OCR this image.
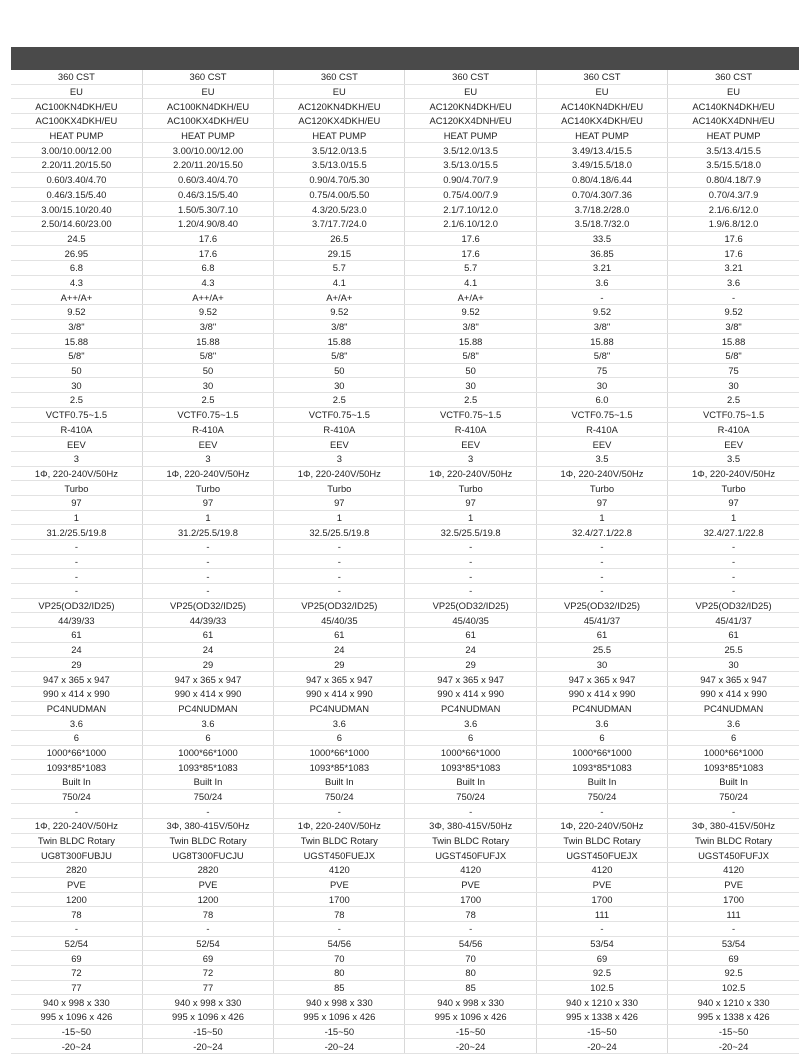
360 CST	360 CST	360 CST	360 CST	360 CST	360 CST
EU	EU	EU	EU	EU	EU
AC100KN4DKH/EU	AC100KN4DKH/EU	AC120KN4DKH/EU	AC120KN4DKH/EU	AC140KN4DKH/EU	AC140KN4DKH/EU
AC100KX4DKH/EU	AC100KX4DKH/EU	AC120KX4DKH/EU	AC120KX4DNH/EU	AC140KX4DKH/EU	AC140KX4DNH/EU
HEAT PUMP	HEAT PUMP	HEAT PUMP	HEAT PUMP	HEAT PUMP	HEAT PUMP
3.00/10.00/12.00	3.00/10.00/12.00	3.5/12.0/13.5	3.5/12.0/13.5	3.49/13.4/15.5	3.5/13.4/15.5
2.20/11.20/15.50	2.20/11.20/15.50	3.5/13.0/15.5	3.5/13.0/15.5	3.49/15.5/18.0	3.5/15.5/18.0
0.60/3.40/4.70	0.60/3.40/4.70	0.90/4.70/5.30	0.90/4.70/7.9	0.80/4.18/6.44	0.80/4.18/7.9
0.46/3.15/5.40	0.46/3.15/5.40	0.75/4.00/5.50	0.75/4.00/7.9	0.70/4.30/7.36	0.70/4.3/7.9
3.00/15.10/20.40	1.50/5.30/7.10	4.3/20.5/23.0	2.1/7.10/12.0	3.7/18.2/28.0	2.1/6.6/12.0
2.50/14.60/23.00	1.20/4.90/8.40	3.7/17.7/24.0	2.1/6.10/12.0	3.5/18.7/32.0	1.9/6.8/12.0
24.5	17.6	26.5	17.6	33.5	17.6
26.95	17.6	29.15	17.6	36.85	17.6
6.8	6.8	5.7	5.7	3.21	3.21
4.3	4.3	4.1	4.1	3.6	3.6
A++/A+	A++/A+	A+/A+	A+/A+	-	-
9.52	9.52	9.52	9.52	9.52	9.52
3/8"	3/8"	3/8"	3/8"	3/8"	3/8"
15.88	15.88	15.88	15.88	15.88	15.88
5/8"	5/8"	5/8"	5/8"	5/8"	5/8"
50	50	50	50	75	75
30	30	30	30	30	30
2.5	2.5	2.5	2.5	6.0	2.5
VCTF0.75~1.5	VCTF0.75~1.5	VCTF0.75~1.5	VCTF0.75~1.5	VCTF0.75~1.5	VCTF0.75~1.5
R-410A	R-410A	R-410A	R-410A	R-410A	R-410A
EEV	EEV	EEV	EEV	EEV	EEV
3	3	3	3	3.5	3.5
1Φ, 220-240V/50Hz	1Φ, 220-240V/50Hz	1Φ, 220-240V/50Hz	1Φ, 220-240V/50Hz	1Φ, 220-240V/50Hz	1Φ, 220-240V/50Hz
Turbo	Turbo	Turbo	Turbo	Turbo	Turbo
97	97	97	97	97	97
1	1	1	1	1	1
31.2/25.5/19.8	31.2/25.5/19.8	32.5/25.5/19.8	32.5/25.5/19.8	32.4/27.1/22.8	32.4/27.1/22.8
-	-	-	-	-	-
-	-	-	-	-	-
-	-	-	-	-	-
-	-	-	-	-	-
VP25(OD32/ID25)	VP25(OD32/ID25)	VP25(OD32/ID25)	VP25(OD32/ID25)	VP25(OD32/ID25)	VP25(OD32/ID25)
44/39/33	44/39/33	45/40/35	45/40/35	45/41/37	45/41/37
61	61	61	61	61	61
24	24	24	24	25.5	25.5
29	29	29	29	30	30
947 x 365 x 947	947 x 365 x 947	947 x 365 x 947	947 x 365 x 947	947 x 365 x 947	947 x 365 x 947
990 x 414 x 990	990 x 414 x 990	990 x 414 x 990	990 x 414 x 990	990 x 414 x 990	990 x 414 x 990
PC4NUDMAN	PC4NUDMAN	PC4NUDMAN	PC4NUDMAN	PC4NUDMAN	PC4NUDMAN
3.6	3.6	3.6	3.6	3.6	3.6
6	6	6	6	6	6
1000*66*1000	1000*66*1000	1000*66*1000	1000*66*1000	1000*66*1000	1000*66*1000
1093*85*1083	1093*85*1083	1093*85*1083	1093*85*1083	1093*85*1083	1093*85*1083
Built In	Built In	Built In	Built In	Built In	Built In
750/24	750/24	750/24	750/24	750/24	750/24
-	-	-	-	-	-
1Φ, 220-240V/50Hz	3Φ, 380-415V/50Hz	1Φ, 220-240V/50Hz	3Φ, 380-415V/50Hz	1Φ, 220-240V/50Hz	3Φ, 380-415V/50Hz
Twin BLDC Rotary	Twin BLDC Rotary	Twin BLDC Rotary	Twin BLDC Rotary	Twin BLDC Rotary	Twin BLDC Rotary
UG8T300FUBJU	UG8T300FUCJU	UGST450FUEJX	UGST450FUFJX	UGST450FUEJX	UGST450FUFJX
2820	2820	4120	4120	4120	4120
PVE	PVE	PVE	PVE	PVE	PVE
1200	1200	1700	1700	1700	1700
78	78	78	78	111	111
-	-	-	-	-	-
52/54	52/54	54/56	54/56	53/54	53/54
69	69	70	70	69	69
72	72	80	80	92.5	92.5
77	77	85	85	102.5	102.5
940 x 998 x 330	940 x 998 x 330	940 x 998 x 330	940 x 998 x 330	940 x 1210 x 330	940 x 1210 x 330
995 x 1096 x 426	995 x 1096 x 426	995 x 1096 x 426	995 x 1096 x 426	995 x 1338 x 426	995 x 1338 x 426
-15~50	-15~50	-15~50	-15~50	-15~50	-15~50
-20~24	-20~24	-20~24	-20~24	-20~24	-20~24
